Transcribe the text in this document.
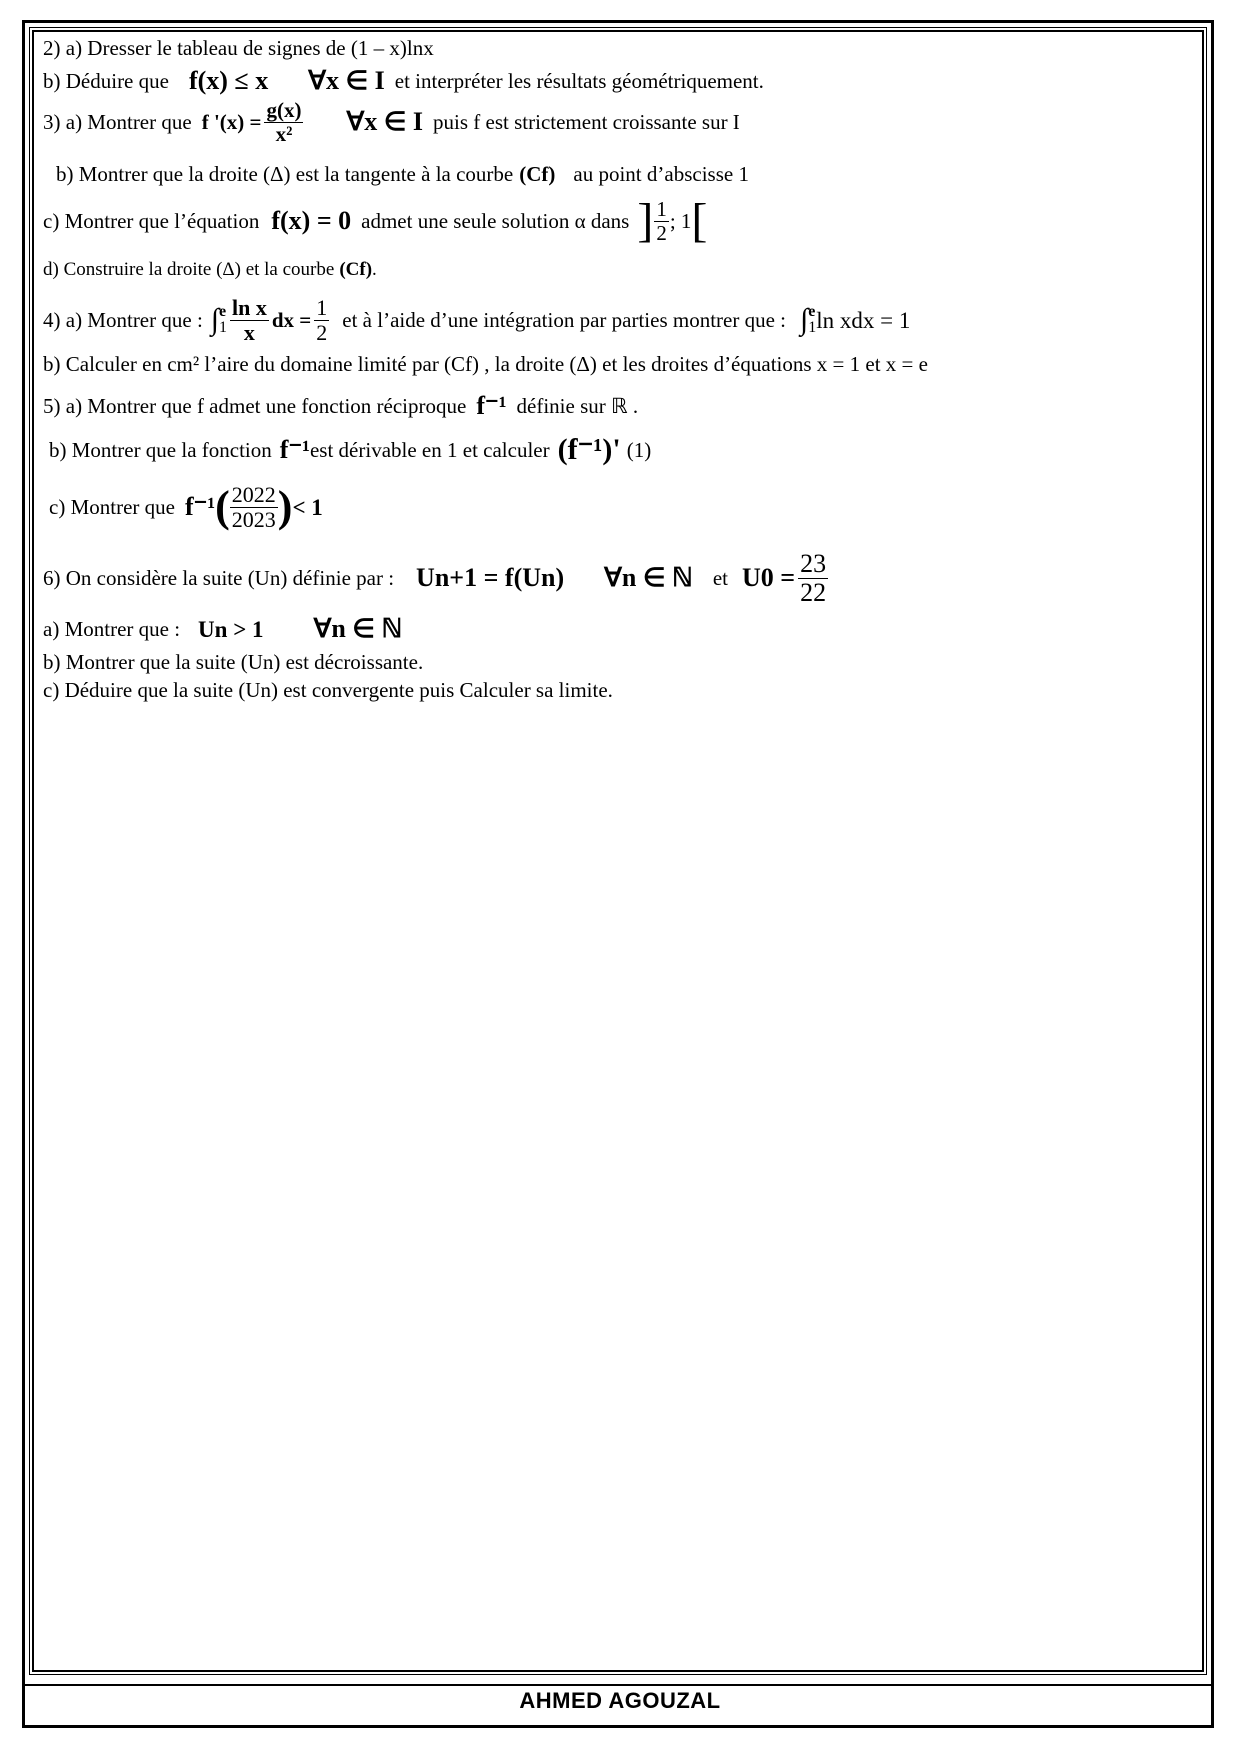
2) a) Dresser le tableau de signes de (1 – x)lnx
b) Déduire que f(x) ≤ x ∀x ∈ I et interpréter les résultats géométriquement.
3) a) Montrer que f '$(x) = \frac{g(x)}{\text{x²}}$ ∀x ∈ I puis f est strictement croissante sur I
b) Montrer que la droite (Δ) est la tangente à la courbe (Cf) au point d’abscisse 1
c) Montrer que l’équation f(x) = 0 admet une seule solution α dans ] $\frac{1}{2}$ ; 1 [
d) Construire la droite (Δ) et la courbe (Cf) .
4) a) Montrer que : ∫ e
$1 \frac{\text{ln x}}{x}$ dx = $\frac{1}{2}$ et à l’aide d’une intégration par parties montrer que : ∫ e
1 ln xdx = 1
b) Calculer en cm² l’aire du domaine limité par (Cf) , la droite (Δ) et les droites d’équations x = 1 et x = e
5) a) Montrer que f admet une fonction réciproque f⁻¹ définie sur ℝ .
b) Montrer que la fonction f⁻¹ est dérivable en 1 et calculer (f⁻¹)' (1)
c) Montrer que f⁻¹ ( $\frac{2022}{2023}$ ) < 1
6) On considère la suite (Un) définie par : Un+1 = f(Un) ∀n ∈ ℕ et $U0 = \frac{23}{22}$
a) Montrer que : Un > 1 ∀n ∈ ℕ
b) Montrer que la suite (Un) est décroissante.
c) Déduire que la suite (Un) est convergente puis Calculer sa limite.
AHMED AGOUZAL
